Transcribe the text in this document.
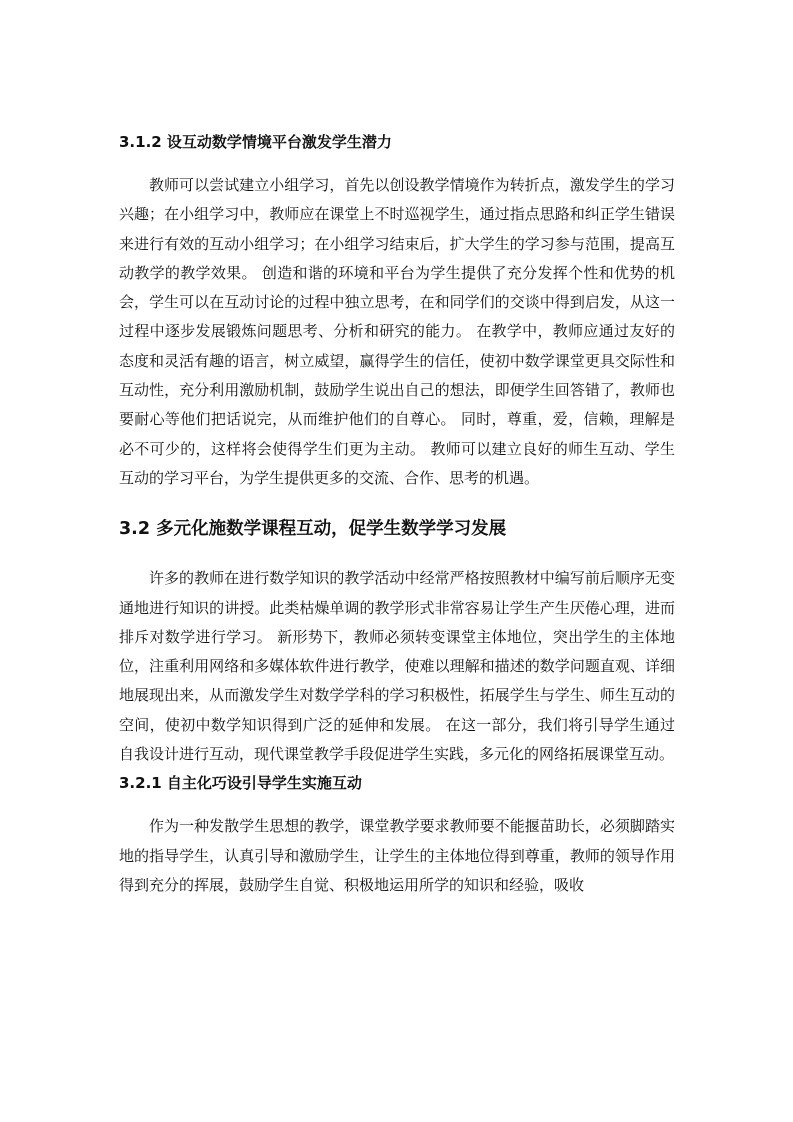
3.1.2 设互动数学情境平台激发学生潜力

教师可以尝试建立小组学习，首先以创设教学情境作为转折点，激发学生的学习兴趣；在小组学习中，教师应在课堂上不时巡视学生，通过指点思路和纠正学生错误来进行有效的互动小组学习；在小组学习结束后，扩大学生的学习参与范围，提高互动教学的教学效果。 创造和谐的环境和平台为学生提供了充分发挥个性和优势的机会，学生可以在互动讨论的过程中独立思考，在和同学们的交谈中得到启发，从这一过程中逐步发展锻炼问题思考、分析和研究的能力。 在教学中，教师应通过友好的态度和灵活有趣的语言，树立威望，赢得学生的信任，使初中数学课堂更具交际性和互动性，充分利用激励机制，鼓励学生说出自己的想法，即便学生回答错了，教师也要耐心等他们把话说完，从而维护他们的自尊心。 同时，尊重，爱，信赖，理解是必不可少的，这样将会使得学生们更为主动。 教师可以建立良好的师生互动、学生互动的学习平台，为学生提供更多的交流、合作、思考的机遇。

3.2 多元化施数学课程互动，促学生数学学习发展

许多的教师在进行数学知识的教学活动中经常严格按照教材中编写前后顺序无变通地进行知识的讲授。此类枯燥单调的教学形式非常容易让学生产生厌倦心理，进而排斥对数学进行学习。 新形势下，教师必须转变课堂主体地位，突出学生的主体地位，注重利用网络和多媒体软件进行教学，使难以理解和描述的数学问题直观、详细地展现出来，从而激发学生对数学学科的学习积极性，拓展学生与学生、师生互动的空间，使初中数学知识得到广泛的延伸和发展。 在这一部分，我们将引导学生通过自我设计进行互动，现代课堂教学手段促进学生实践，多元化的网络拓展课堂互动。

3.2.1 自主化巧设引导学生实施互动

作为一种发散学生思想的教学，课堂教学要求教师要不能揠苗助长，必须脚踏实地的指导学生，认真引导和激励学生，让学生的主体地位得到尊重，教师的领导作用得到充分的挥展，鼓励学生自觉、积极地运用所学的知识和经验，吸收
